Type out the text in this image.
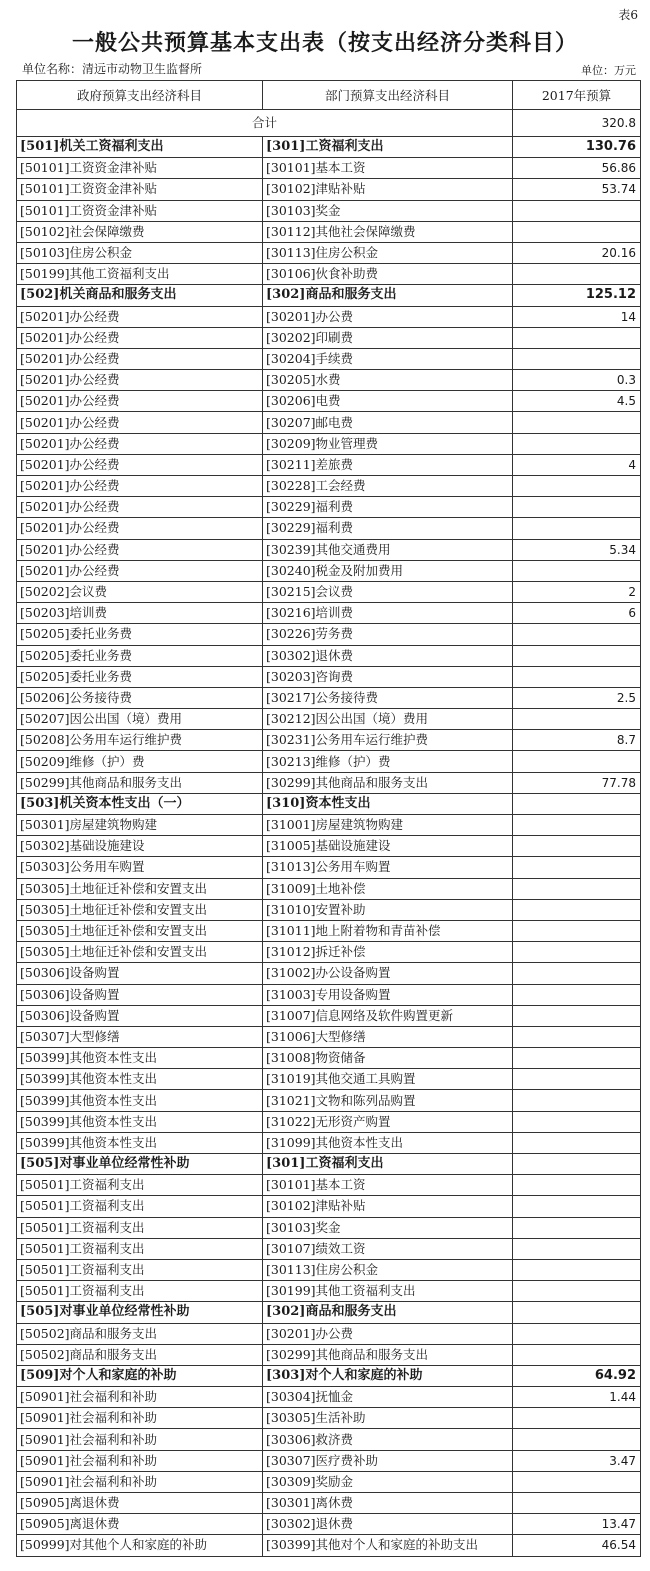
表6
一般公共预算基本支出表（按支出经济分类科目）
单位名称：清远市动物卫生监督所	单位：万元
政府预算支出经济科目	部门预算支出经济科目	2017年预算
合计		320.8
[501]机关工资福利支出	[301]工资福利支出	130.76
[50101]工资资金津补贴	[30101]基本工资	56.86
[50101]工资资金津补贴	[30102]津贴补贴	53.74
[50101]工资资金津补贴	[30103]奖金	
[50102]社会保障缴费	[30112]其他社会保障缴费	
[50103]住房公积金	[30113]住房公积金	20.16
[50199]其他工资福利支出	[30106]伙食补助费	
[502]机关商品和服务支出	[302]商品和服务支出	125.12
[50201]办公经费	[30201]办公费	14
[50201]办公经费	[30202]印刷费	
[50201]办公经费	[30204]手续费	
[50201]办公经费	[30205]水费	0.3
[50201]办公经费	[30206]电费	4.5
[50201]办公经费	[30207]邮电费	
[50201]办公经费	[30209]物业管理费	
[50201]办公经费	[30211]差旅费	4
[50201]办公经费	[30228]工会经费	
[50201]办公经费	[30229]福利费	
[50201]办公经费	[30229]福利费	
[50201]办公经费	[30239]其他交通费用	5.34
[50201]办公经费	[30240]税金及附加费用	
[50202]会议费	[30215]会议费	2
[50203]培训费	[30216]培训费	6
[50205]委托业务费	[30226]劳务费	
[50205]委托业务费	[30302]退休费	
[50205]委托业务费	[30203]咨询费	
[50206]公务接待费	[30217]公务接待费	2.5
[50207]因公出国（境）费用	[30212]因公出国（境）费用	
[50208]公务用车运行维护费	[30231]公务用车运行维护费	8.7
[50209]维修（护）费	[30213]维修（护）费	
[50299]其他商品和服务支出	[30299]其他商品和服务支出	77.78
[503]机关资本性支出（一）	[310]资本性支出	
[50301]房屋建筑物购建	[31001]房屋建筑物购建	
[50302]基础设施建设	[31005]基础设施建设	
[50303]公务用车购置	[31013]公务用车购置	
[50305]土地征迁补偿和安置支出	[31009]土地补偿	
[50305]土地征迁补偿和安置支出	[31010]安置补助	
[50305]土地征迁补偿和安置支出	[31011]地上附着物和青苗补偿	
[50305]土地征迁补偿和安置支出	[31012]拆迁补偿	
[50306]设备购置	[31002]办公设备购置	
[50306]设备购置	[31003]专用设备购置	
[50306]设备购置	[31007]信息网络及软件购置更新	
[50307]大型修缮	[31006]大型修缮	
[50399]其他资本性支出	[31008]物资储备	
[50399]其他资本性支出	[31019]其他交通工具购置	
[50399]其他资本性支出	[31021]文物和陈列品购置	
[50399]其他资本性支出	[31022]无形资产购置	
[50399]其他资本性支出	[31099]其他资本性支出	
[505]对事业单位经常性补助	[301]工资福利支出	
[50501]工资福利支出	[30101]基本工资	
[50501]工资福利支出	[30102]津贴补贴	
[50501]工资福利支出	[30103]奖金	
[50501]工资福利支出	[30107]绩效工资	
[50501]工资福利支出	[30113]住房公积金	
[50501]工资福利支出	[30199]其他工资福利支出	
[505]对事业单位经常性补助	[302]商品和服务支出	
[50502]商品和服务支出	[30201]办公费	
[50502]商品和服务支出	[30299]其他商品和服务支出	
[509]对个人和家庭的补助	[303]对个人和家庭的补助	64.92
[50901]社会福利和补助	[30304]抚恤金	1.44
[50901]社会福利和补助	[30305]生活补助	
[50901]社会福利和补助	[30306]救济费	
[50901]社会福利和补助	[30307]医疗费补助	3.47
[50901]社会福利和补助	[30309]奖励金	
[50905]离退休费	[30301]离休费	
[50905]离退休费	[30302]退休费	13.47
[50999]对其他个人和家庭的补助	[30399]其他对个人和家庭的补助支出	46.54
